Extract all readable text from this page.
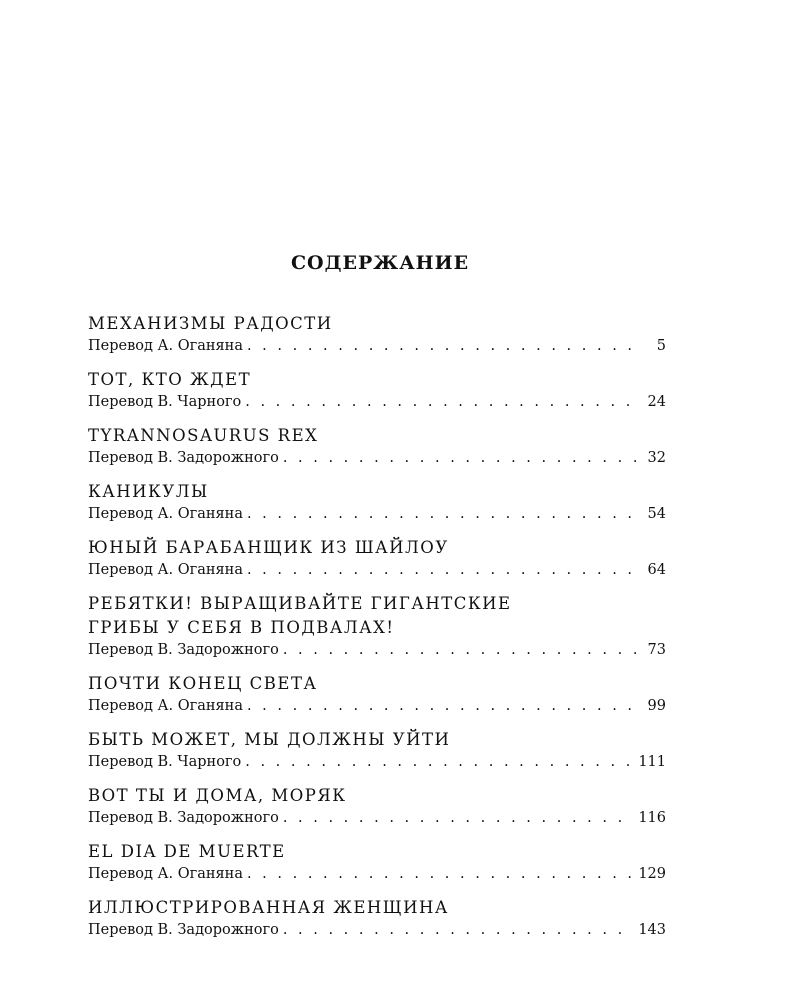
СОДЕРЖАНИЕ
МЕХАНИЗМЫ РАДОСТИ
Перевод А. Оганяна . . .	5
ТОТ, КТО ЖДЕТ
Перевод В. Чарного . . .	24
TYRANNOSAURUS REX
Перевод В. Задорожного . . .	32
КАНИКУЛЫ
Перевод А. Оганяна . . .	54
ЮНЫЙ БАРАБАНЩИК ИЗ ШАЙЛОУ
Перевод А. Оганяна . . .	64
РЕБЯТКИ! ВЫРАЩИВАЙТЕ ГИГАНТСКИЕ
ГРИБЫ У СЕБЯ В ПОДВАЛАХ!
Перевод В. Задорожного . . .	73
ПОЧТИ КОНЕЦ СВЕТА
Перевод А. Оганяна . . .	99
БЫТЬ МОЖЕТ, МЫ ДОЛЖНЫ УЙТИ
Перевод В. Чарного . . .	111
ВОТ ТЫ И ДОМА, МОРЯК
Перевод В. Задорожного . . .	116
EL DIA DE MUERTE
Перевод А. Оганяна . . .	129
ИЛЛЮСТРИРОВАННАЯ ЖЕНЩИНА
Перевод В. Задорожного . . .	143
